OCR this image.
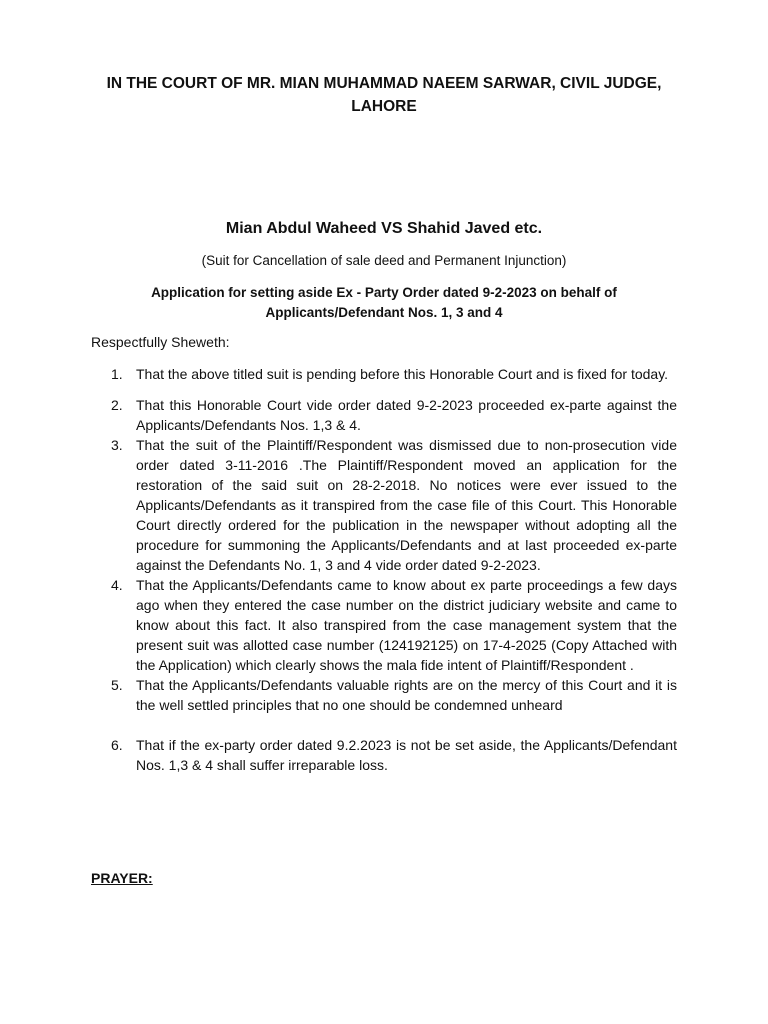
IN THE COURT OF MR. MIAN MUHAMMAD NAEEM SARWAR, CIVIL JUDGE, LAHORE
Mian Abdul Waheed VS Shahid Javed etc.

(Suit for Cancellation of sale deed and Permanent Injunction)

Application for setting aside Ex - Party Order dated 9-2-2023 on behalf of Applicants/Defendant Nos. 1, 3 and 4

Respectfully Sheweth:

1. That the above titled suit is pending before this Honorable Court and is fixed for today.
2. That this Honorable Court vide order dated 9-2-2023 proceeded ex-parte against the Applicants/Defendants Nos. 1,3 & 4.
3. That the suit of the Plaintiff/Respondent was dismissed due to non-prosecution vide order dated 3-11-2016 .The Plaintiff/Respondent moved an application for the restoration of the said suit on 28-2-2018. No notices were ever issued to the Applicants/Defendants as it transpired from the case file of this Court. This Honorable Court directly ordered for the publication in the newspaper without adopting all the procedure for summoning the Applicants/Defendants and at last proceeded ex-parte against the Defendants No. 1, 3 and 4 vide order dated 9-2-2023.
4. That the Applicants/Defendants came to know about ex parte proceedings a few days ago when they entered the case number on the district judiciary website and came to know about this fact. It also transpired from the case management system that the present suit was allotted case number (124192125) on 17-4-2025 (Copy Attached with the Application) which clearly shows the mala fide intent of Plaintiff/Respondent .
5. That the Applicants/Defendants valuable rights are on the mercy of this Court and it is the well settled principles that no one should be condemned unheard
6. That if the ex-party order dated 9.2.2023 is not be set aside, the Applicants/Defendant Nos. 1,3 & 4 shall suffer irreparable loss.

PRAYER:
